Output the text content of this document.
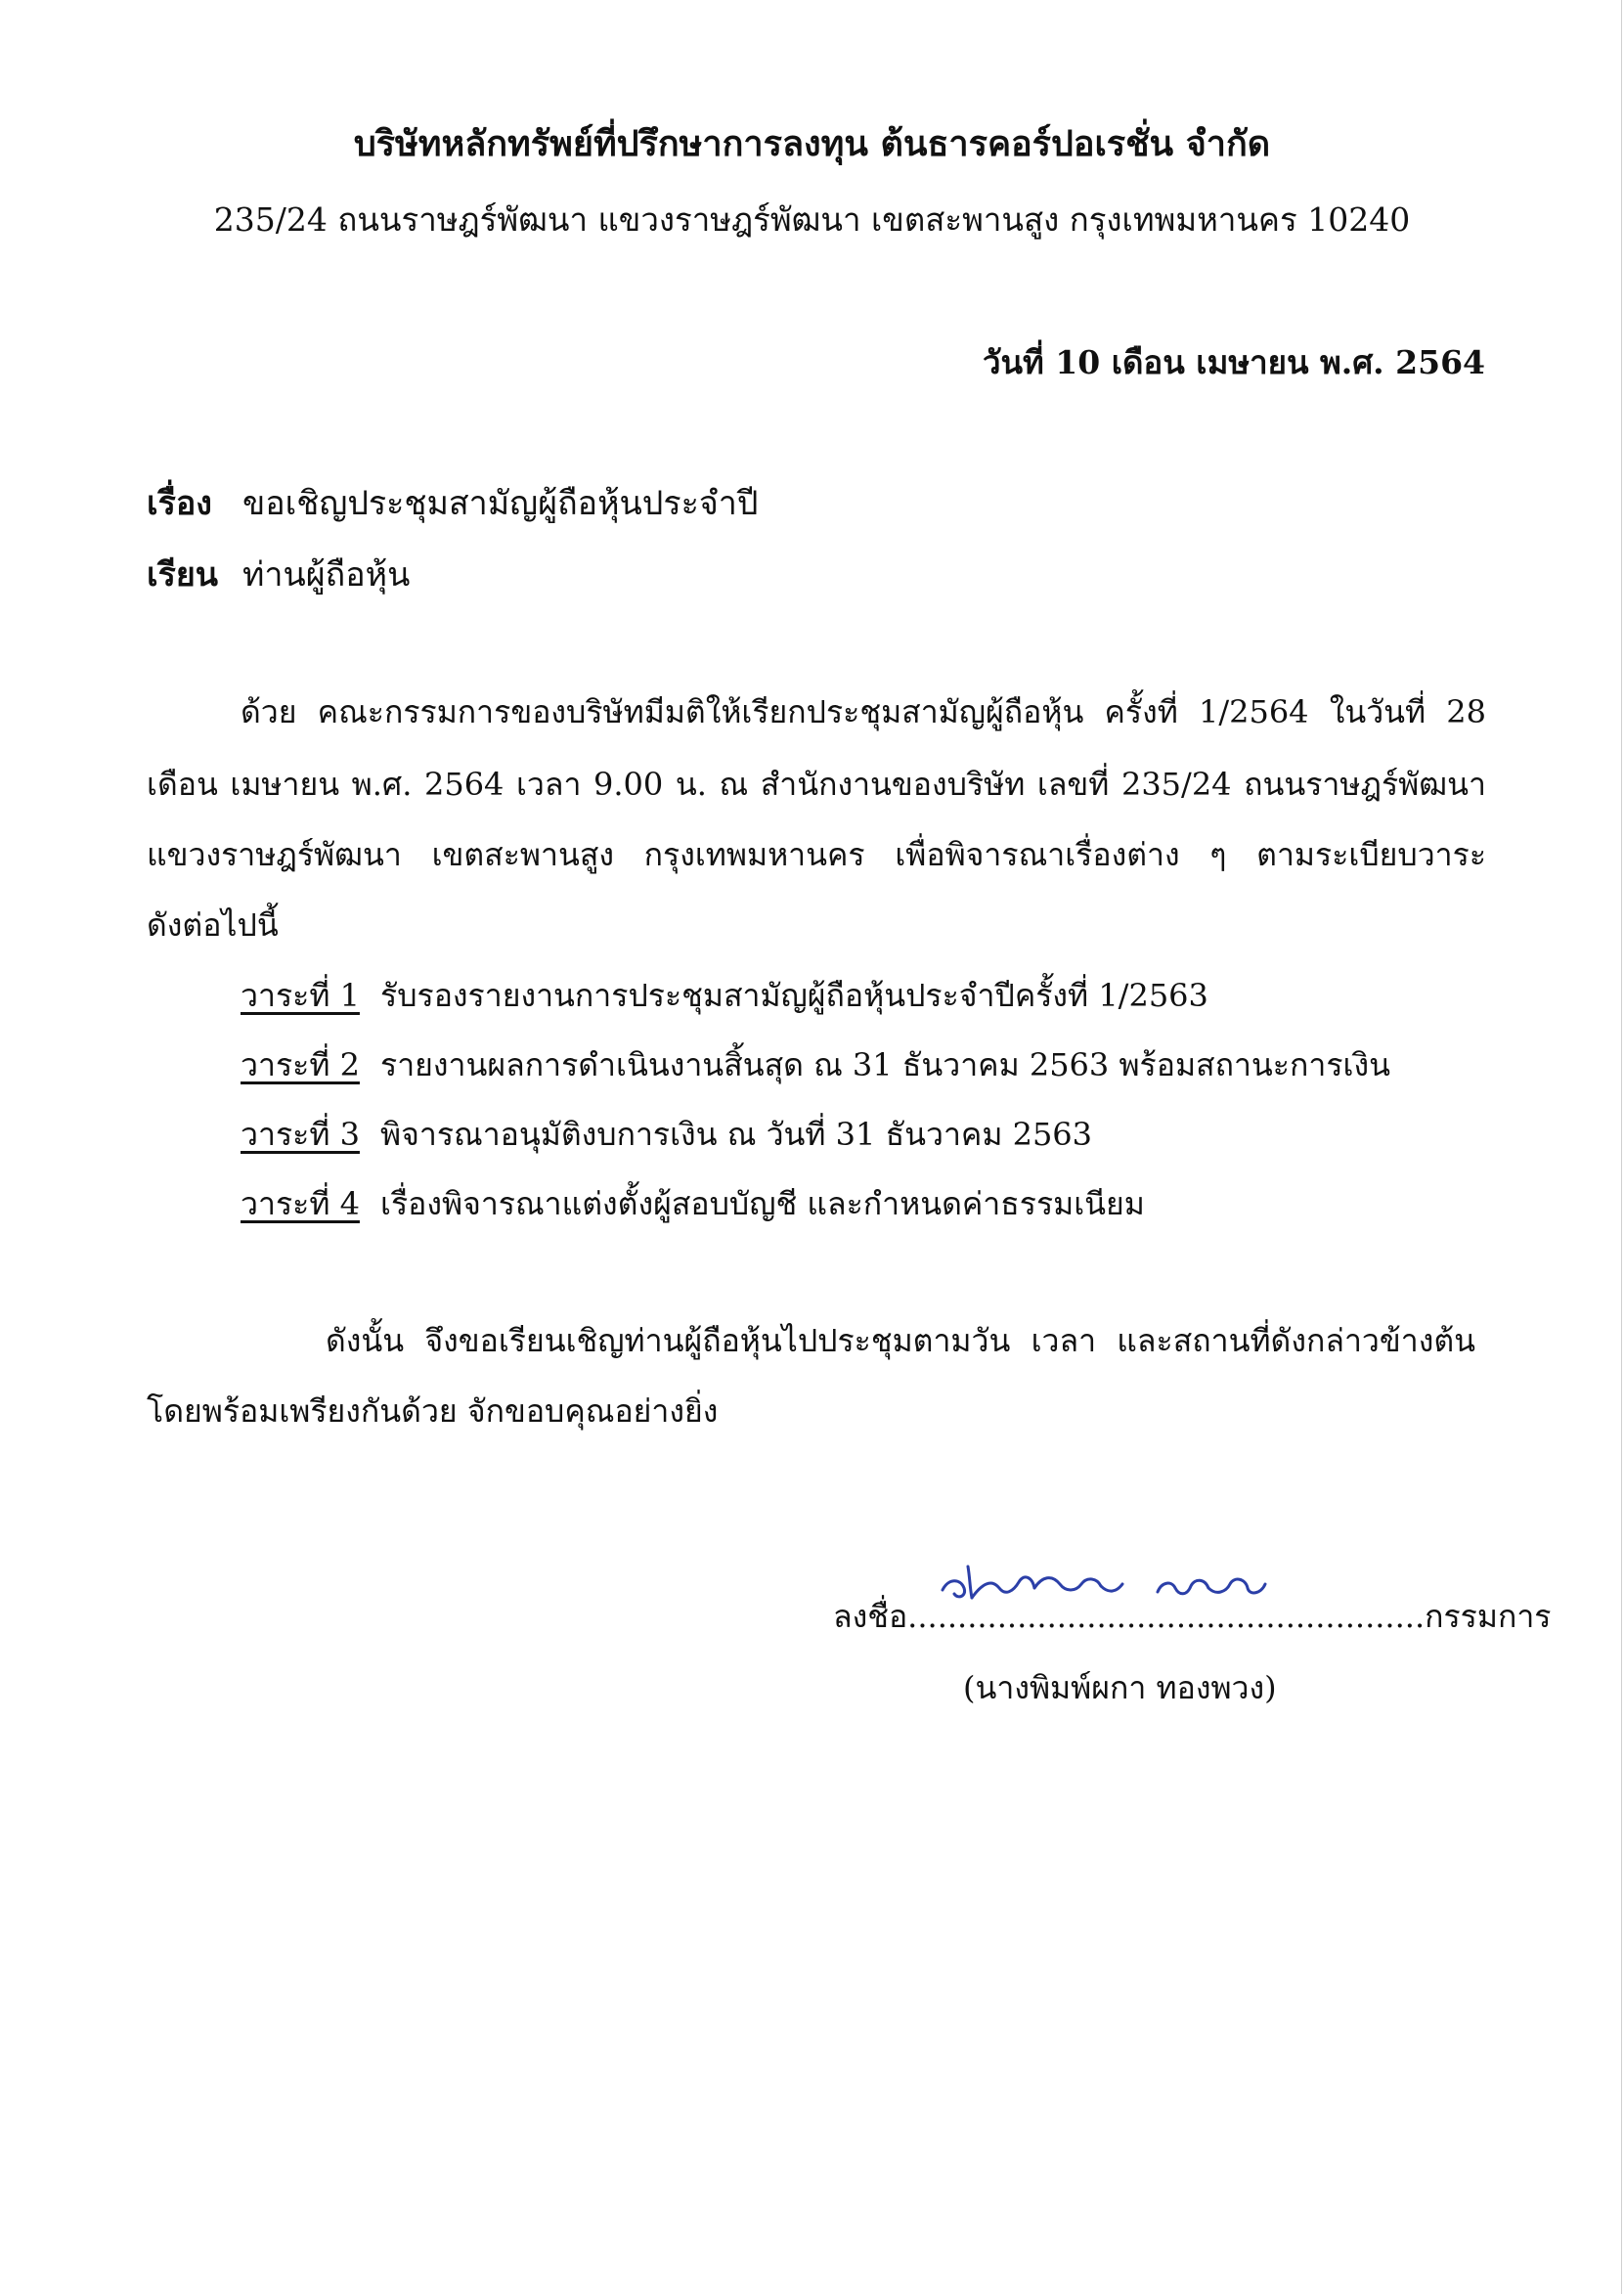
บริษัทหลักทรัพย์ที่ปรึกษาการลงทุน ต้นธารคอร์ปอเรชั่น จำกัด
235/24 ถนนราษฎร์พัฒนา แขวงราษฎร์พัฒนา เขตสะพานสูง กรุงเทพมหานคร 10240
วันที่ 10 เดือน เมษายน พ.ศ. 2564
เรื่อง ขอเชิญประชุมสามัญผู้ถือหุ้นประจำปี
เรียน ท่านผู้ถือหุ้น
ด้วย คณะกรรมการของบริษัทมีมติให้เรียกประชุมสามัญผู้ถือหุ้น ครั้งที่ 1/2564 ในวันที่ 28
เดือน เมษายน พ.ศ. 2564 เวลา 9.00 น. ณ สำนักงานของบริษัท เลขที่ 235/24 ถนนราษฎร์พัฒนา
แขวงราษฎร์พัฒนา เขตสะพานสูง กรุงเทพมหานคร เพื่อพิจารณาเรื่องต่าง ๆ ตามระเบียบวาระ
ดังต่อไปนี้
วาระที่ 1 รับรองรายงานการประชุมสามัญผู้ถือหุ้นประจำปีครั้งที่ 1/2563
วาระที่ 2 รายงานผลการดำเนินงานสิ้นสุด ณ 31 ธันวาคม 2563 พร้อมสถานะการเงิน
วาระที่ 3 พิจารณาอนุมัติงบการเงิน ณ วันที่ 31 ธันวาคม 2563
วาระที่ 4 เรื่องพิจารณาแต่งตั้งผู้สอบบัญชี และกำหนดค่าธรรมเนียม
ดังนั้น จึงขอเรียนเชิญท่านผู้ถือหุ้นไปประชุมตามวัน เวลา และสถานที่ดังกล่าวข้างต้น
โดยพร้อมเพรียงกันด้วย จักขอบคุณอย่างยิ่ง
ลงชื่อ....................................................กรรมการ
(นางพิมพ์ผกา ทองพวง)
